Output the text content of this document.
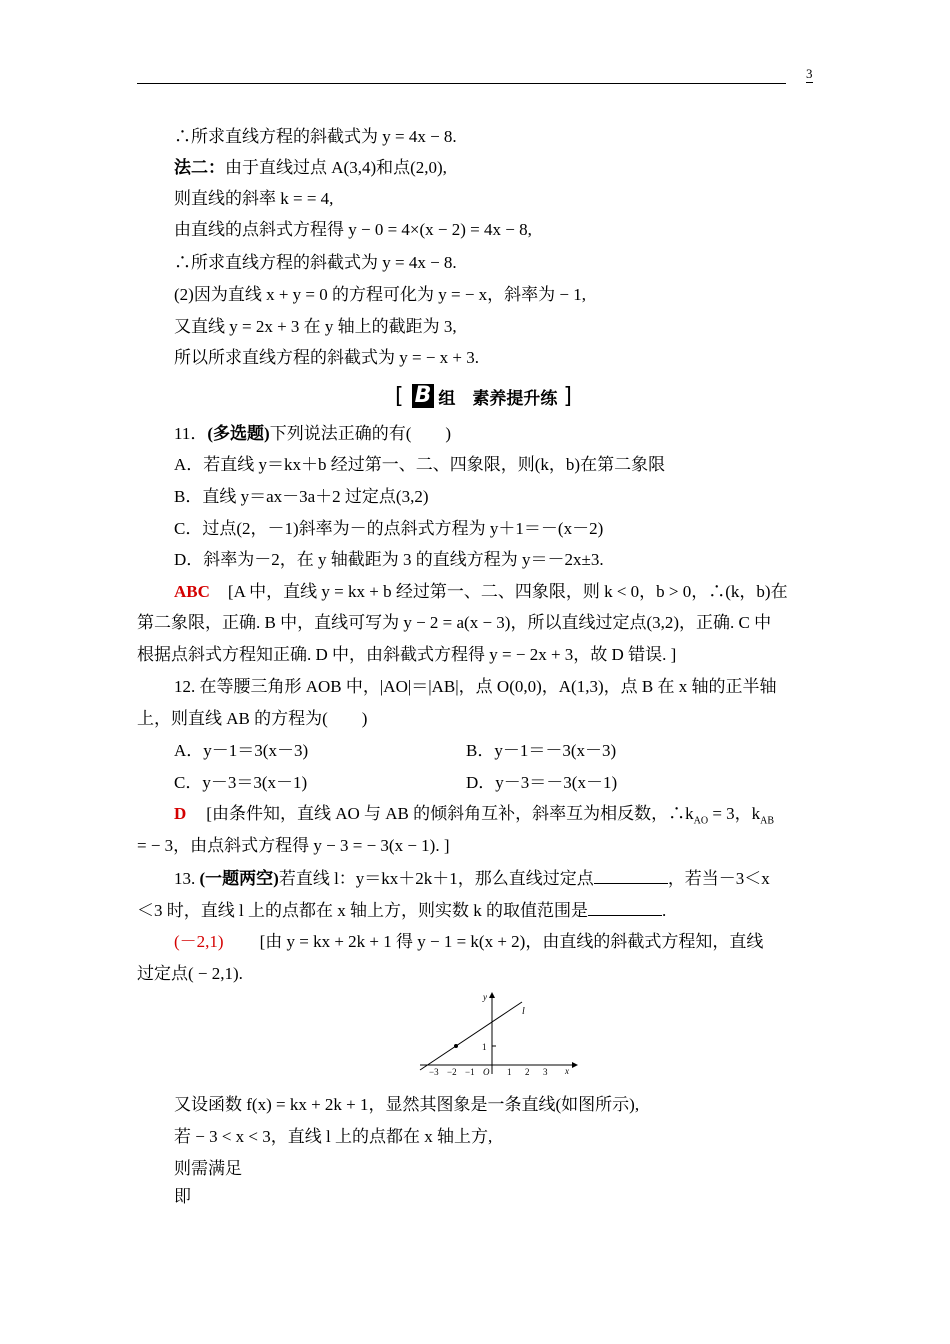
3
∴所求直线方程的斜截式为 y = 4x − 8.
法二：由于直线过点 A(3,4)和点(2,0),
则直线的斜率 k = = 4,
由直线的点斜式方程得 y − 0 = 4×(x − 2) = 4x − 8,
∴所求直线方程的斜截式为 y = 4x − 8.
(2)因为直线 x + y = 0 的方程可化为 y = − x，斜率为 − 1,
又直线 y = 2x + 3 在 y 轴上的截距为 3,
所以所求直线方程的斜截式为 y = − x + 3.
[ B 组　素养提升练 ]
11．(多选题)下列说法正确的有(　　)
A．若直线 y＝kx＋b 经过第一、二、四象限，则(k，b)在第二象限
B．直线 y＝ax－3a＋2 过定点(3,2)
C．过点(2，－1)斜率为－的点斜式方程为 y＋1＝－(x－2)
D．斜率为－2，在 y 轴截距为 3 的直线方程为 y＝－2x±3.
ABC [A 中，直线 y = kx + b 经过第一、二、四象限，则 k < 0，b > 0，∴(k，b)在
第二象限，正确. B 中，直线可写为 y − 2 = a(x − 3)，所以直线过定点(3,2)，正确. C 中
根据点斜式方程知正确. D 中，由斜截式方程得 y = − 2x + 3，故 D 错误. ]
12. 在等腰三角形 AOB 中，|AO|＝|AB|，点 O(0,0)，A(1,3)，点 B 在 x 轴的正半轴
上，则直线 AB 的方程为(　　)
A．y－1＝3(x－3)	B．y－1＝－3(x－3)
C．y－3＝3(x－1)	D．y－3＝－3(x－1)
D [由条件知，直线 AO 与 AB 的倾斜角互补，斜率互为相反数，$\therefore k_{AO} = 3$，$k_{AB}$
= − 3，由点斜式方程得 y − 3 = − 3(x − 1). ]
13. (一题两空)若直线 l：y＝kx＋2k＋1，那么直线过定点	，若当－3＜x
＜3 时，直线 l 上的点都在 x 轴上方，则实数 k 的取值范围是	.
(－2,1) [由 y = kx + 2k + 1 得 y − 1 = k(x + 2)，由直线的斜截式方程知，直线
过定点( − 2,1).
1
y
x
l
−3 −2 −1 O 1 2 3
又设函数 f(x) = kx + 2k + 1，显然其图象是一条直线(如图所示),
若 − 3 < x < 3，直线 l 上的点都在 x 轴上方,
则需满足
即
